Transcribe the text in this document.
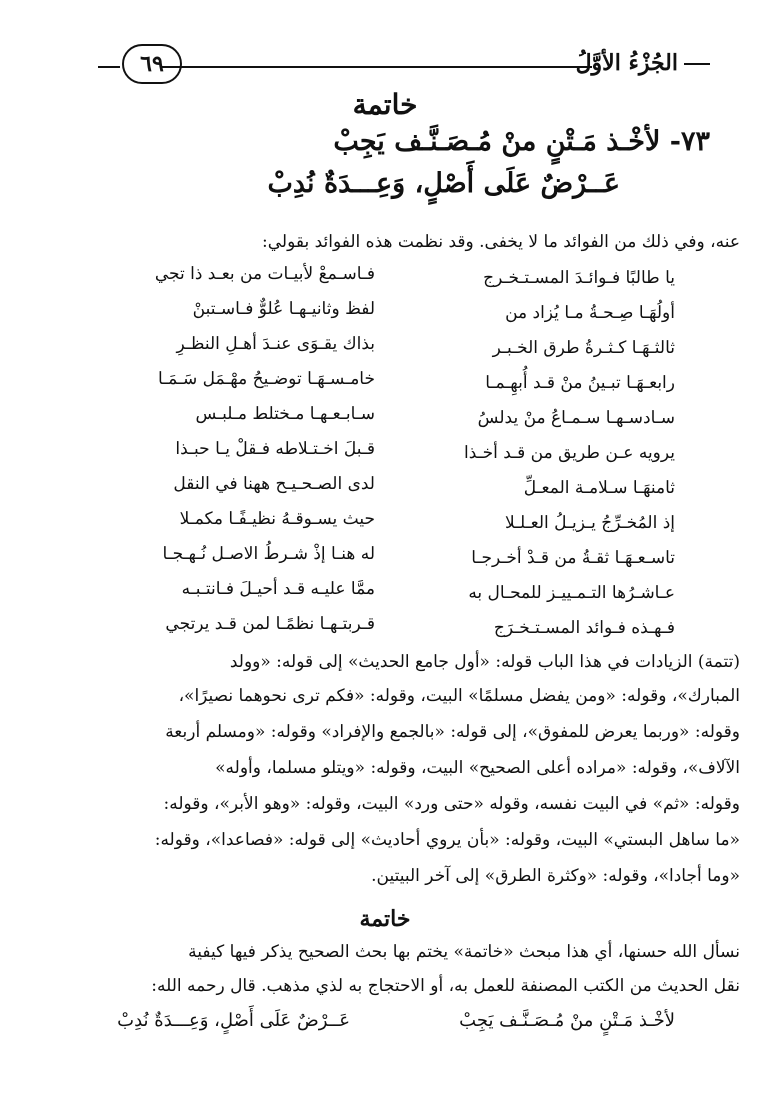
الجُزْءُ الأوَّلُ
٦٩
خاتمة
٧٣- لأخْـذ مَـتْنٍ منْ مُـصَـنَّـف يَجِبْ
عَــرْضٌ عَلَى أَصْلٍ، وَعِـــدَةٌ نُدِبْ
عنه، وفي ذلك من الفوائد ما لا يخفى. وقد نظمت هذه الفوائد بقولي:
يا طالبًا فـوائـدَ المسـتـخـرج
فـاسـمعْ لأبيـات من بعـد ذا تجي
أولُهَـا صِـحـةُ مـا يُزاد من
لفظ وثانيـهـا عُلوٌّ فـاسـتبنْ
ثالثـهَـا كـثـرةُ طرق الخـبـر
بذاك يقـوَى عنـدَ أهـلِ النظـرِ
رابعـهَـا تبـينُ منْ قـد أُبهِـمـا
خامـسـهَـا توضـيحُ مهْـمَل سَـمَـا
سـادسـهـا سـمـاعُ منْ يدلسُ
سـابـعـهـا مـختلط مـلبـس
يرويه عـن طريق من قـد أخـذا
قـبلَ اخـتـلاطه فـقلْ يـا حبـذا
ثامنهَـا سـلامـة المعـلِّ
لدى الصـحـيـح ههنا في النقل
إذ المُخـرِّجُ يـزيـلُ العـلـلا
حيث يسـوقـهُ نظيـفًـا مكمـلا
تاسـعـهَـا ثقـةُ من قـدْ أخـرجـا
له هنـا إذْ شـرطُ الاصـل نُـهـجـا
عـاشـرُها التـمـييـز للمحـال به
ممَّا عليـه قـد أحيـلَ فـانتـبـه
فـهـذه فـوائد المسـتـخـرَج
قـربتـهـا نظمًـا لمن قـد يرتجي
(تتمة) الزيادات في هذا الباب قوله: «أول جامع الحديث» إلى قوله: «وولد
المبارك»، وقوله: «ومن يفضل مسلمًا» البيت، وقوله: «فكم ترى نحوهما نصيرًا»،
وقوله: «وربما يعرض للمفوق»، إلى قوله: «بالجمع والإفراد» وقوله: «ومسلم أربعة
الآلاف»، وقوله: «مراده أعلى الصحيح» البيت، وقوله: «ويتلو مسلما، وأوله»
وقوله: «ثم» في البيت نفسه، وقوله «حتى ورد» البيت، وقوله: «وهو الأبر»، وقوله:
«ما ساهل البستي» البيت، وقوله: «بأن يروي أحاديث» إلى قوله: «فصاعدا»، وقوله:
«وما أجادا»، وقوله: «وكثرة الطرق» إلى آخر البيتين.
خاتمة
نسأل الله حسنها، أي هذا مبحث «خاتمة» يختم بها بحث الصحيح يذكر فيها كيفية
نقل الحديث من الكتب المصنفة للعمل به، أو الاحتجاج به لذي مذهب. قال رحمه الله:
لأخْـذ مَـتْنٍ منْ مُـصَـنَّـف يَجِبْ
عَــرْضٌ عَلَى أَصْلٍ، وَعِـــدَةٌ نُدِبْ
